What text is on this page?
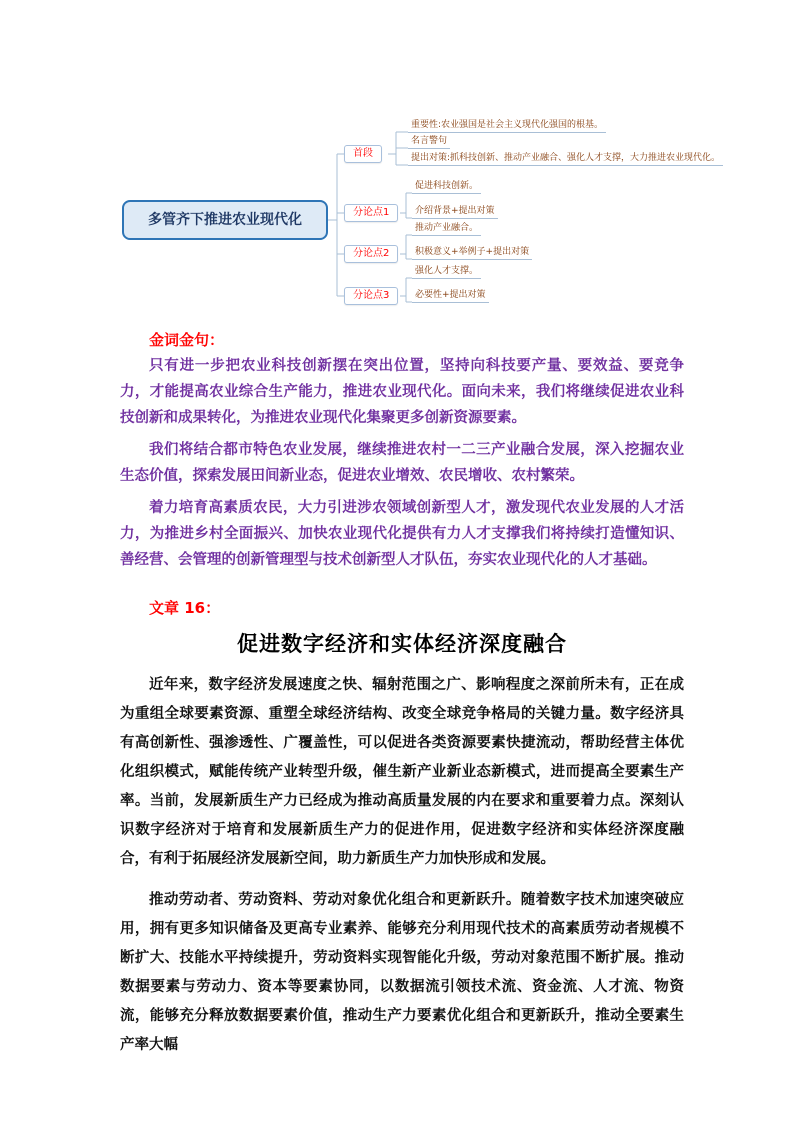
多管齐下推进农业现代化
首段
分论点1
分论点2
分论点3
重要性:农业强国是社会主义现代化强国的根基。
名言警句
提出对策:抓科技创新、推动产业融合、强化人才支撑，大力推进农业现代化。
促进科技创新。
介绍背景+提出对策
推动产业融合。
积极意义+举例子+提出对策
强化人才支撑。
必要性+提出对策
金词金句：

只有进一步把农业科技创新摆在突出位置，坚持向科技要产量、要效益、要竞争力，才能提高农业综合生产能力，推进农业现代化。面向未来，我们将继续促进农业科技创新和成果转化，为推进农业现代化集聚更多创新资源要素。

我们将结合都市特色农业发展，继续推进农村一二三产业融合发展，深入挖掘农业生态价值，探索发展田间新业态，促进农业增效、农民增收、农村繁荣。

着力培育高素质农民，大力引进涉农领域创新型人才，激发现代农业发展的人才活力，为推进乡村全面振兴、加快农业现代化提供有力人才支撑我们将持续打造懂知识、善经营、会管理的创新管理型与技术创新型人才队伍，夯实农业现代化的人才基础。

文章 16：
促进数字经济和实体经济深度融合

近年来，数字经济发展速度之快、辐射范围之广、影响程度之深前所未有，正在成为重组全球要素资源、重塑全球经济结构、改变全球竞争格局的关键力量。数字经济具有高创新性、强渗透性、广覆盖性，可以促进各类资源要素快捷流动，帮助经营主体优化组织模式，赋能传统产业转型升级，催生新产业新业态新模式，进而提高全要素生产率。当前，发展新质生产力已经成为推动高质量发展的内在要求和重要着力点。深刻认识数字经济对于培育和发展新质生产力的促进作用，促进数字经济和实体经济深度融合，有利于拓展经济发展新空间，助力新质生产力加快形成和发展。

推动劳动者、劳动资料、劳动对象优化组合和更新跃升。随着数字技术加速突破应用，拥有更多知识储备及更高专业素养、能够充分利用现代技术的高素质劳动者规模不断扩大、技能水平持续提升，劳动资料实现智能化升级，劳动对象范围不断扩展。推动数据要素与劳动力、资本等要素协同，以数据流引领技术流、资金流、人才流、物资流，能够充分释放数据要素价值，推动生产力要素优化组合和更新跃升，推动全要素生产率大幅
